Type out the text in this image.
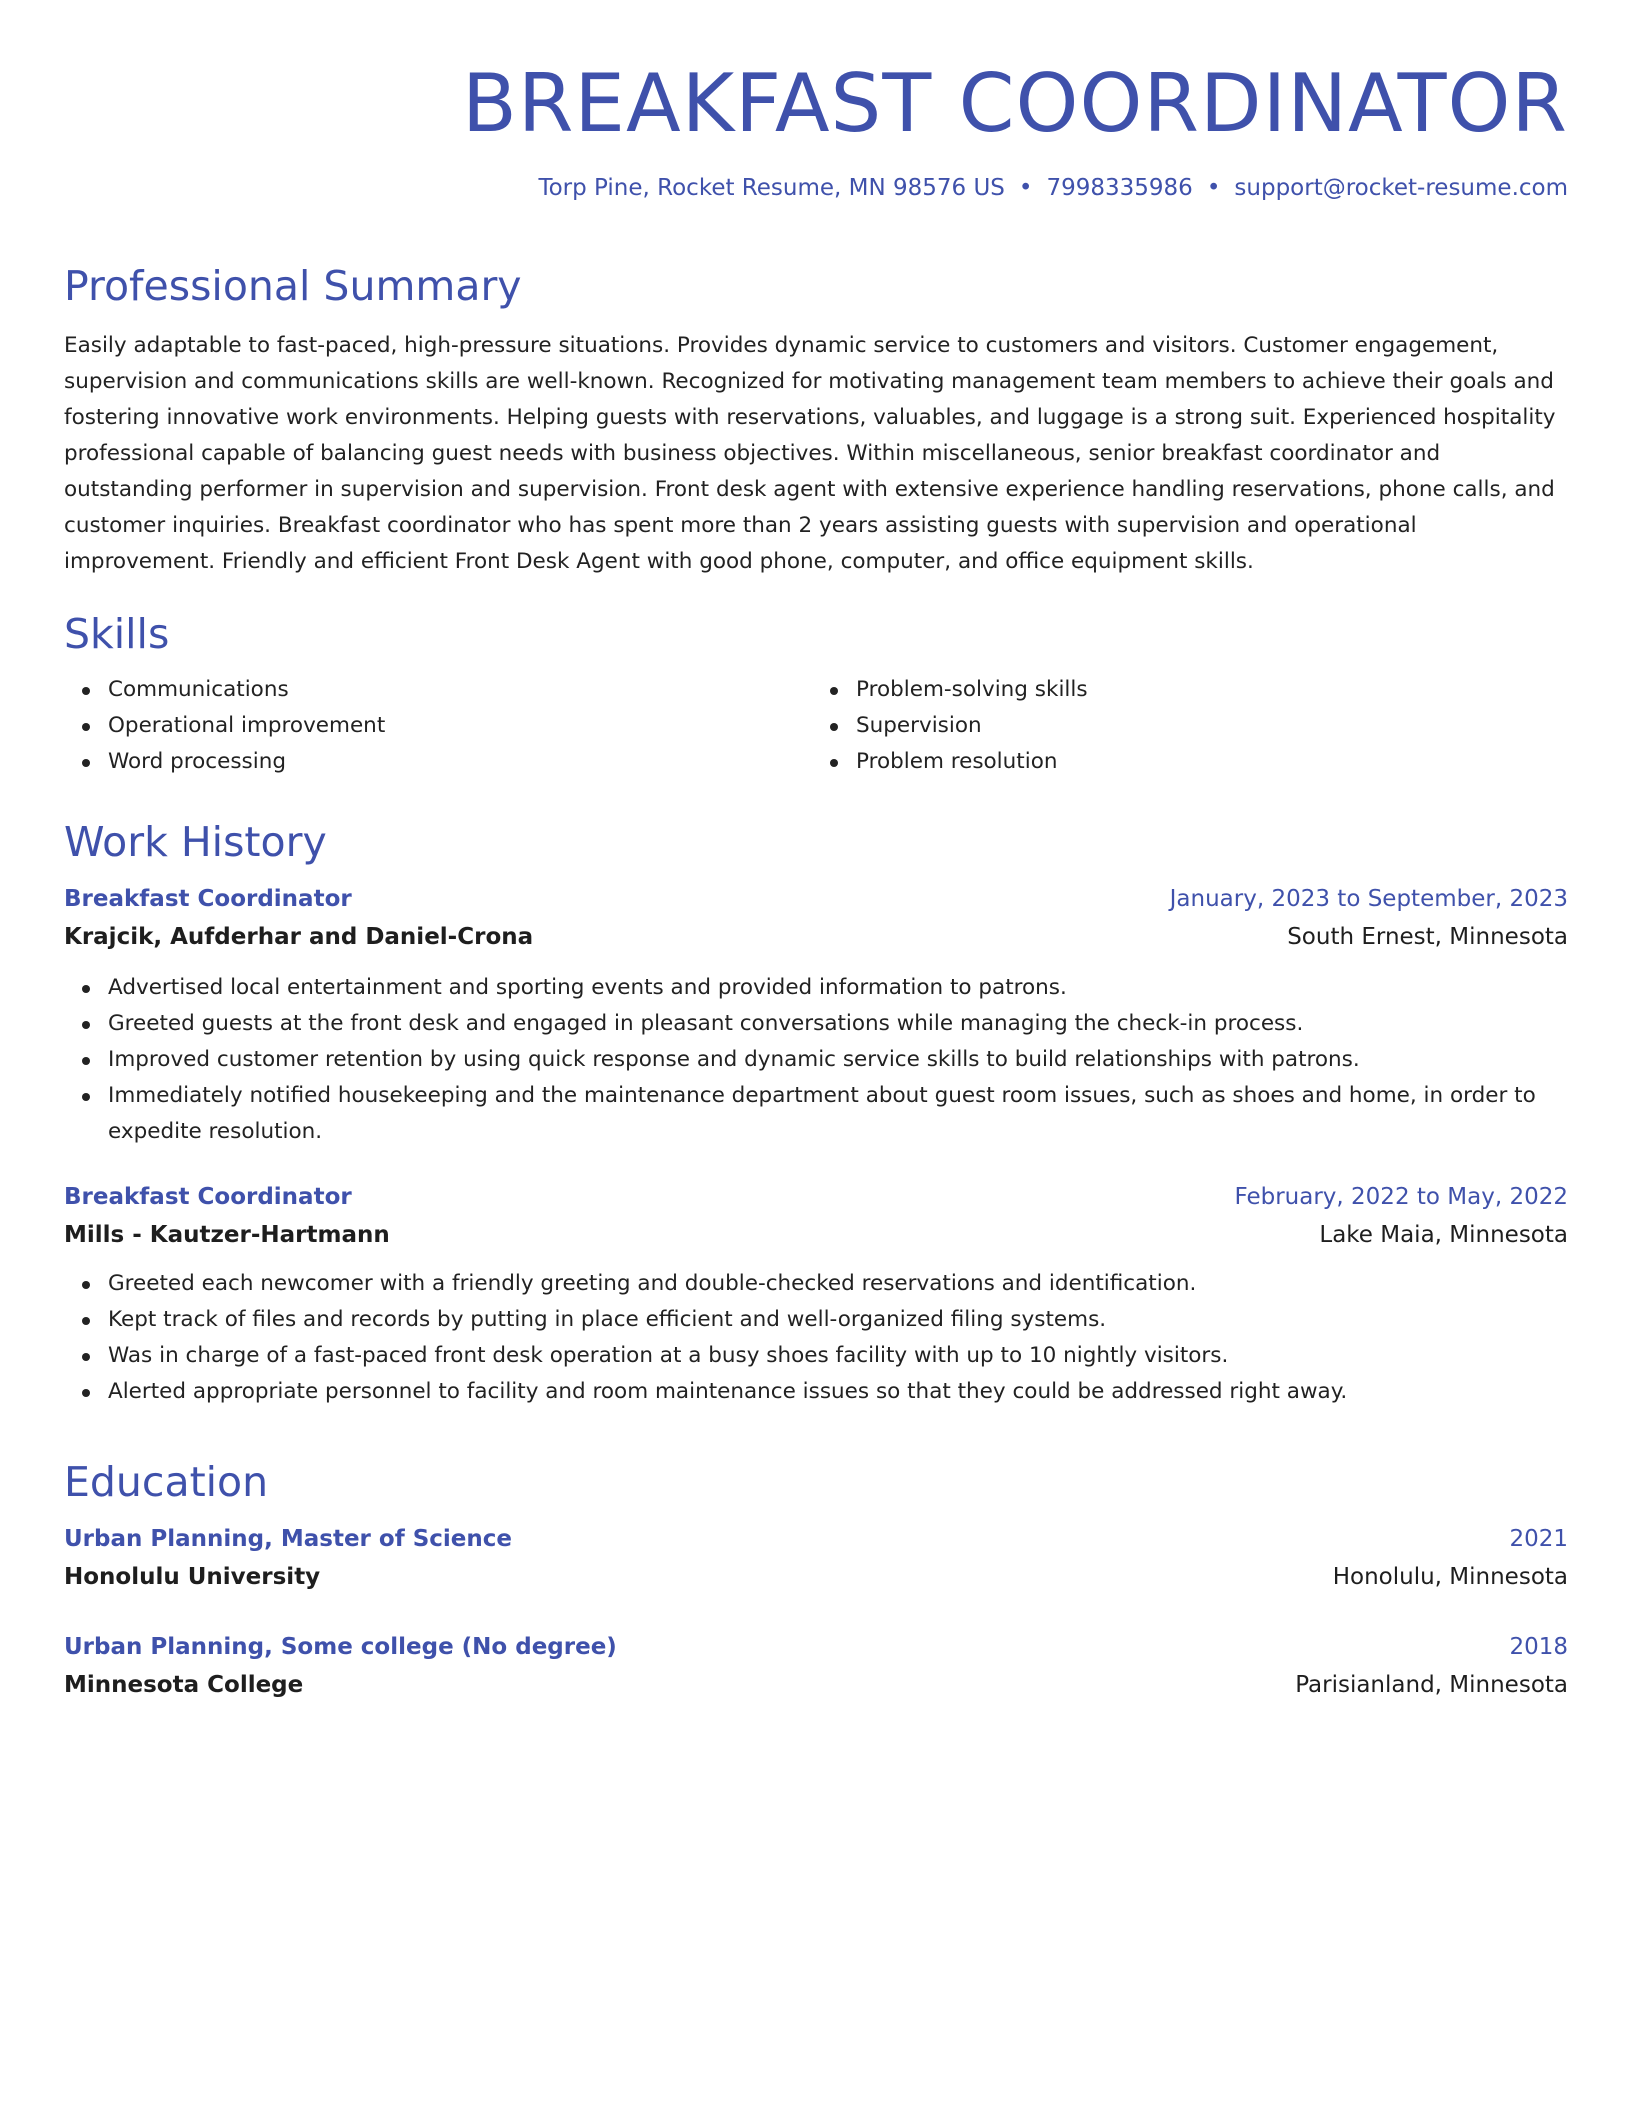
BREAKFAST COORDINATOR
Torp Pine, Rocket Resume, MN 98576 US • 7998335986 • support@rocket-resume.com
Professional Summary

Easily adaptable to fast-paced, high-pressure situations. Provides dynamic service to customers and visitors. Customer engagement, supervision and communications skills are well-known. Recognized for motivating management team members to achieve their goals and fostering innovative work environments. Helping guests with reservations, valuables, and luggage is a strong suit. Experienced hospitality professional capable of balancing guest needs with business objectives. Within miscellaneous, senior breakfast coordinator and outstanding performer in supervision and supervision. Front desk agent with extensive experience handling reservations, phone calls, and customer inquiries. Breakfast coordinator who has spent more than 2 years assisting guests with supervision and operational improvement. Friendly and efficient Front Desk Agent with good phone, computer, and office equipment skills.

Skills
Communications
Operational improvement
Word processing
Problem-solving skills
Supervision
Problem resolution
Work History
Breakfast Coordinator	January, 2023 to September, 2023
Krajcik, Aufderhar and Daniel-Crona	South Ernest, Minnesota
Advertised local entertainment and sporting events and provided information to patrons.
Greeted guests at the front desk and engaged in pleasant conversations while managing the check-in process.
Improved customer retention by using quick response and dynamic service skills to build relationships with patrons.
Immediately notified housekeeping and the maintenance department about guest room issues, such as shoes and home, in order to expedite resolution.
Breakfast Coordinator	February, 2022 to May, 2022
Mills - Kautzer-Hartmann	Lake Maia, Minnesota
Greeted each newcomer with a friendly greeting and double-checked reservations and identification.
Kept track of files and records by putting in place efficient and well-organized filing systems.
Was in charge of a fast-paced front desk operation at a busy shoes facility with up to 10 nightly visitors.
Alerted appropriate personnel to facility and room maintenance issues so that they could be addressed right away.
Education
Urban Planning, Master of Science	2021
Honolulu University	Honolulu, Minnesota
Urban Planning, Some college (No degree)	2018
Minnesota College	Parisianland, Minnesota
